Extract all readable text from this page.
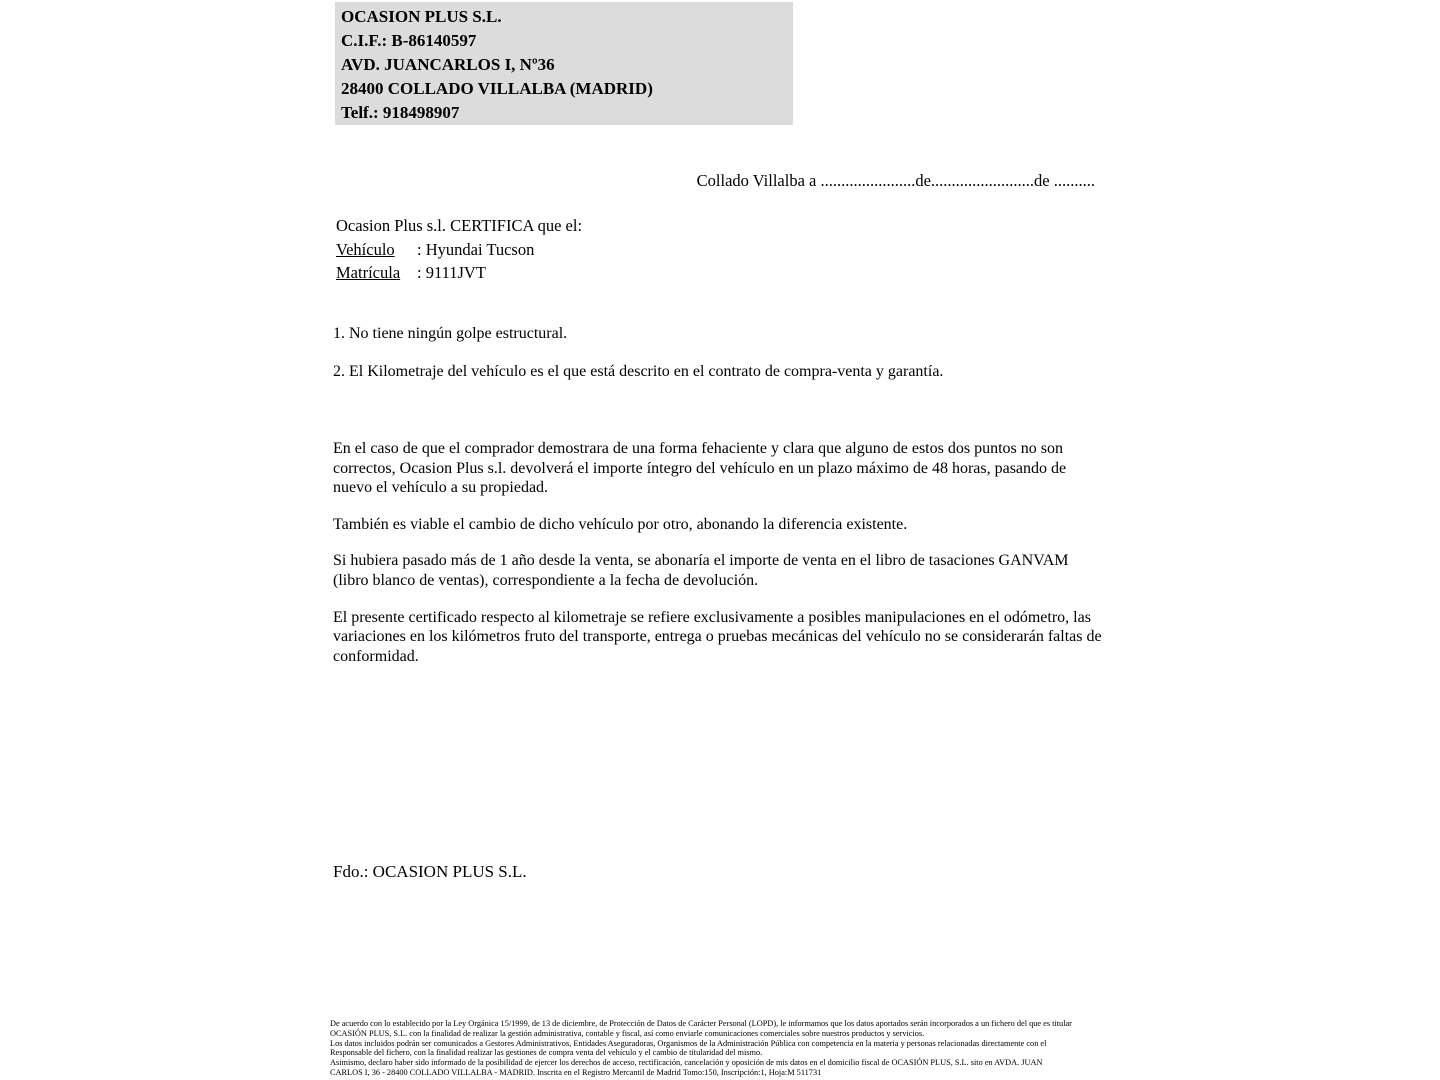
OCASION PLUS S.L.
C.I.F.: B-86140597
AVD. JUANCARLOS I, Nº36
28400 COLLADO VILLALBA (MADRID)
Telf.: 918498907
Collado Villalba a .......................de.........................de ..........
Ocasion Plus s.l. CERTIFICA que el:
Vehículo : Hyundai Tucson
Matrícula : 9111JVT
1. No tiene ningún golpe estructural.
2. El Kilometraje del vehículo es el que está descrito en el contrato de compra-venta y garantía.
En el caso de que el comprador demostrara de una forma fehaciente y clara que alguno de estos dos puntos no son correctos, Ocasion Plus s.l. devolverá el importe íntegro del vehículo en un plazo máximo de 48 horas, pasando de nuevo el vehículo a su propiedad.
También es viable el cambio de dicho vehículo por otro, abonando la diferencia existente.
Si hubiera pasado más de 1 año desde la venta, se abonaría el importe de venta en el libro de tasaciones GANVAM (libro blanco de ventas), correspondiente a la fecha de devolución.
El presente certificado respecto al kilometraje se refiere exclusivamente a posibles manipulaciones en el odómetro, las variaciones en los kilómetros fruto del transporte, entrega o pruebas mecánicas del vehículo no se considerarán faltas de conformidad.
Fdo.: OCASION PLUS S.L.
De acuerdo con lo establecido por la Ley Orgánica 15/1999, de 13 de diciembre, de Protección de Datos de Carácter Personal (LOPD), le informamos que los datos aportados serán incorporados a un fichero del que es titular
OCASIÓN PLUS, S.L. con la finalidad de realizar la gestión administrativa, contable y fiscal, así como enviarle comunicaciones comerciales sobre nuestros productos y servicios.
Los datos incluidos podrán ser comunicados a Gestores Administrativos, Entidades Aseguradoras, Organismos de la Administración Pública con competencia en la materia y personas relacionadas directamente con el
Responsable del fichero, con la finalidad realizar las gestiones de compra venta del vehículo y el cambio de titularidad del mismo.
Asimismo, declaro haber sido informado de la posibilidad de ejercer los derechos de acceso, rectificación, cancelación y oposición de mis datos en el domicilio fiscal de OCASIÓN PLUS, S.L. sito en AVDA. JUAN
CARLOS I, 36 - 28400 COLLADO VILLALBA - MADRID. Inscrita en el Registro Mercantil de Madrid Tomo:150, Inscripción:1, Hoja:M 511731
